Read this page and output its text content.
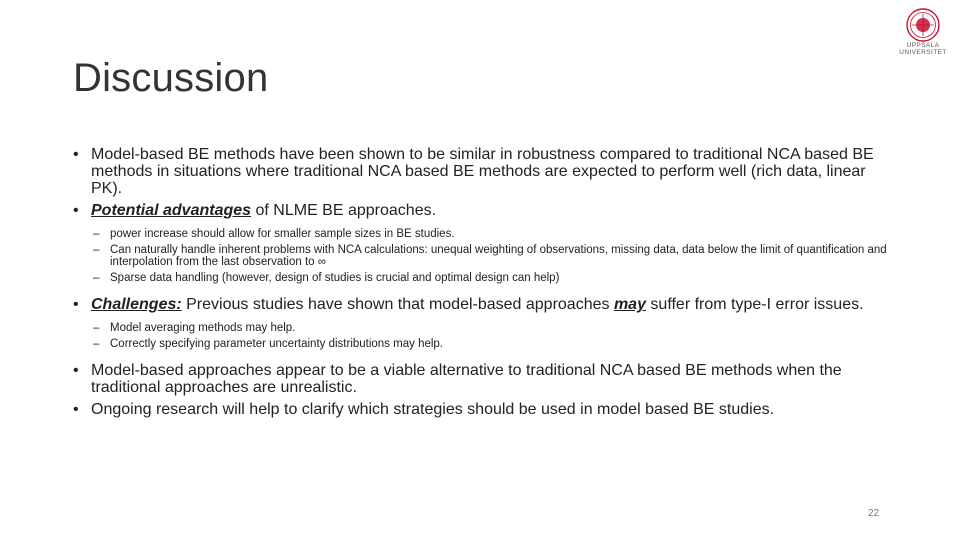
Discussion
UPPSALA
UNIVERSITET
• Model-based BE methods have been shown to be similar in robustness compared to traditional NCA based BE methods in situations where traditional NCA based BE methods are expected to perform well (rich data, linear PK).
• Potential advantages of NLME BE approaches.
– power increase should allow for smaller sample sizes in BE studies.
– Can naturally handle inherent problems with NCA calculations: unequal weighting of observations, missing data, data below the limit of quantification and interpolation from the last observation to ∞
– Sparse data handling (however, design of studies is crucial and optimal design can help)
• Challenges: Previous studies have shown that model-based approaches may suffer from type-I error issues.
– Model averaging methods may help.
– Correctly specifying parameter uncertainty distributions may help.
• Model-based approaches appear to be a viable alternative to traditional NCA based BE methods when the traditional approaches are unrealistic.
• Ongoing research will help to clarify which strategies should be used in model based BE studies.
22
